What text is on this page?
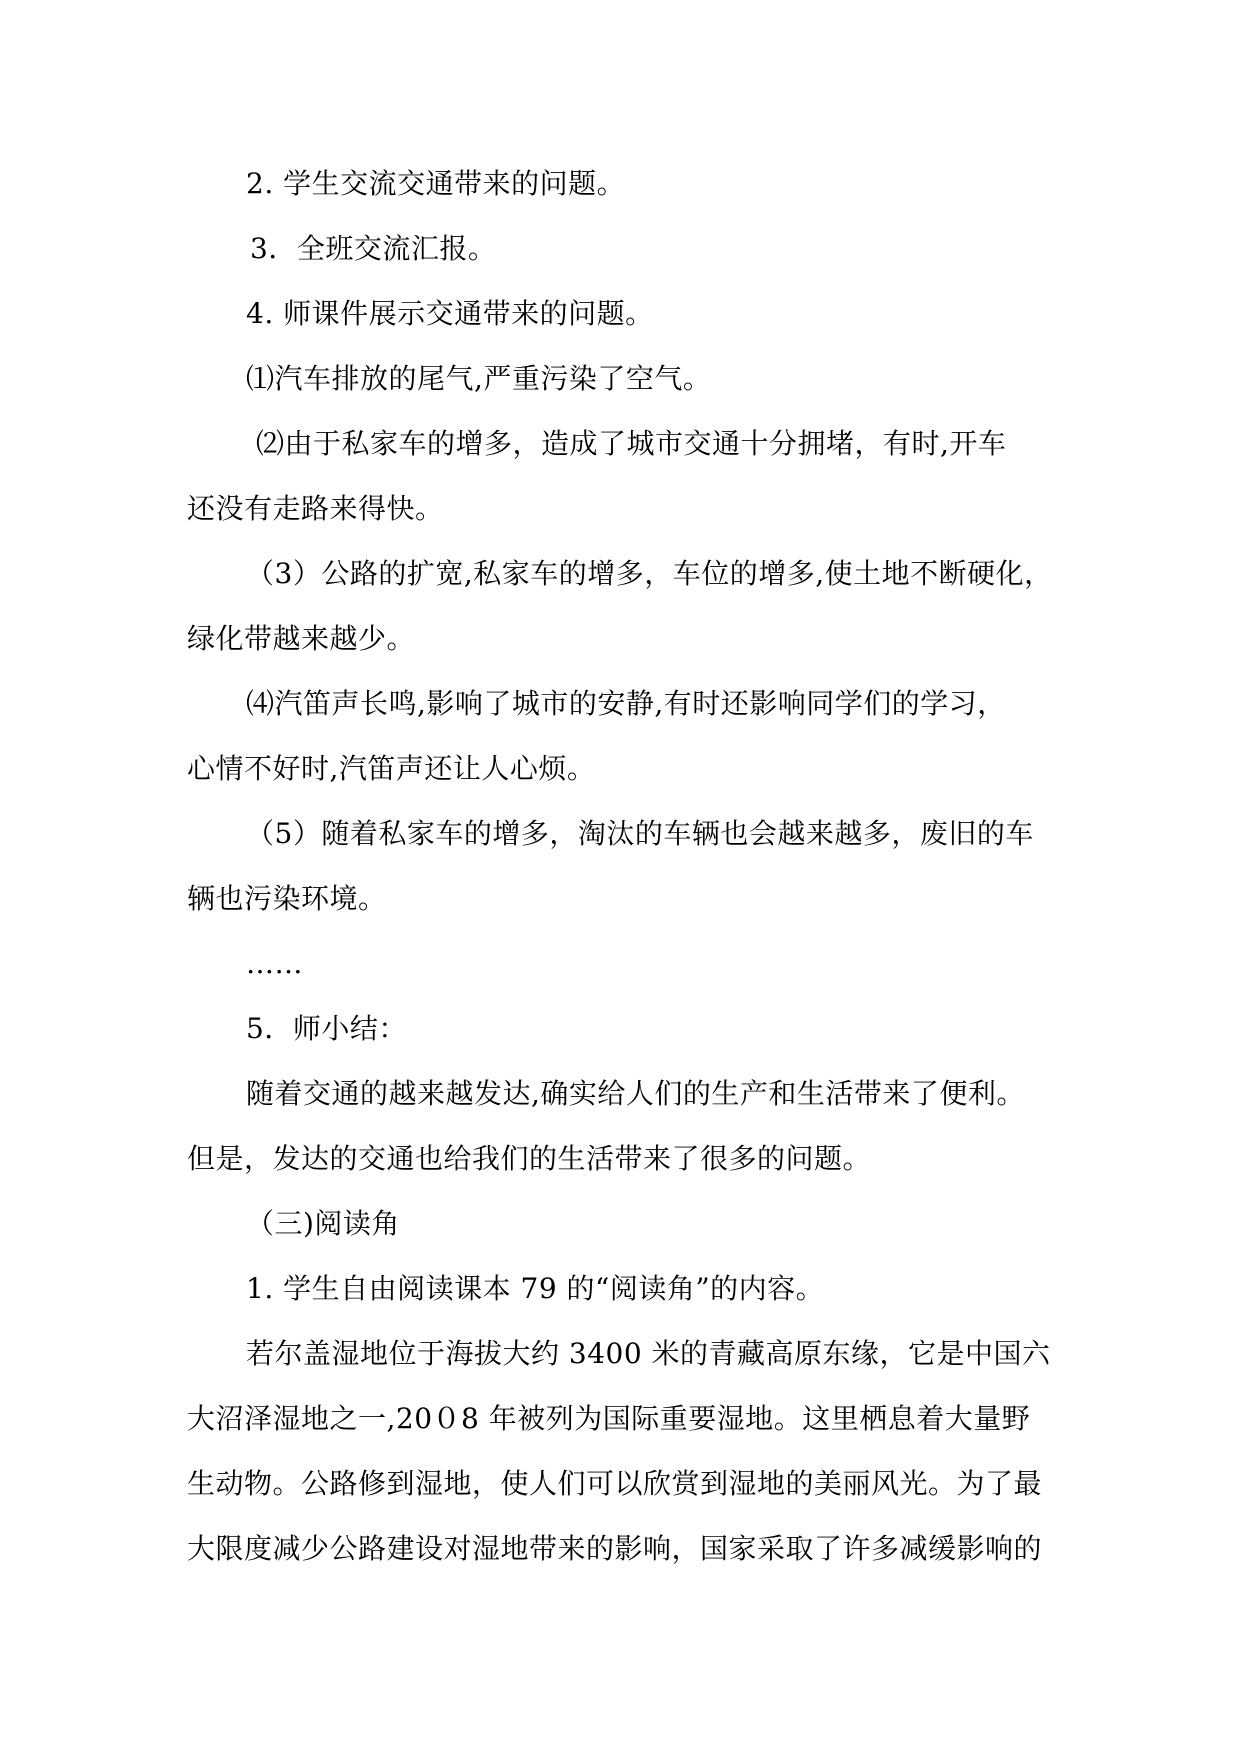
2. 学生交流交通带来的问题。
3．全班交流汇报。
4. 师课件展示交通带来的问题。
⑴汽车排放的尾气,严重污染了空气。
⑵由于私家车的增多，造成了城市交通十分拥堵，有时,开车
还没有走路来得快。
（3）公路的扩宽,私家车的增多，车位的增多,使土地不断硬化，
绿化带越来越少。
⑷汽笛声长鸣,影响了城市的安静,有时还影响同学们的学习，
心情不好时,汽笛声还让人心烦。
（5）随着私家车的增多，淘汰的车辆也会越来越多，废旧的车
辆也污染环境。
……
5．师小结：
随着交通的越来越发达,确实给人们的生产和生活带来了便利。
但是，发达的交通也给我们的生活带来了很多的问题。
（三)阅读角
1. 学生自由阅读课本 79 的“阅读角”的内容。
若尔盖湿地位于海拔大约 3400 米的青藏高原东缘，它是中国六
大沼泽湿地之一,20０8 年被列为国际重要湿地。这里栖息着大量野
生动物。公路修到湿地，使人们可以欣赏到湿地的美丽风光。为了最
大限度减少公路建设对湿地带来的影响，国家采取了许多减缓影响的
